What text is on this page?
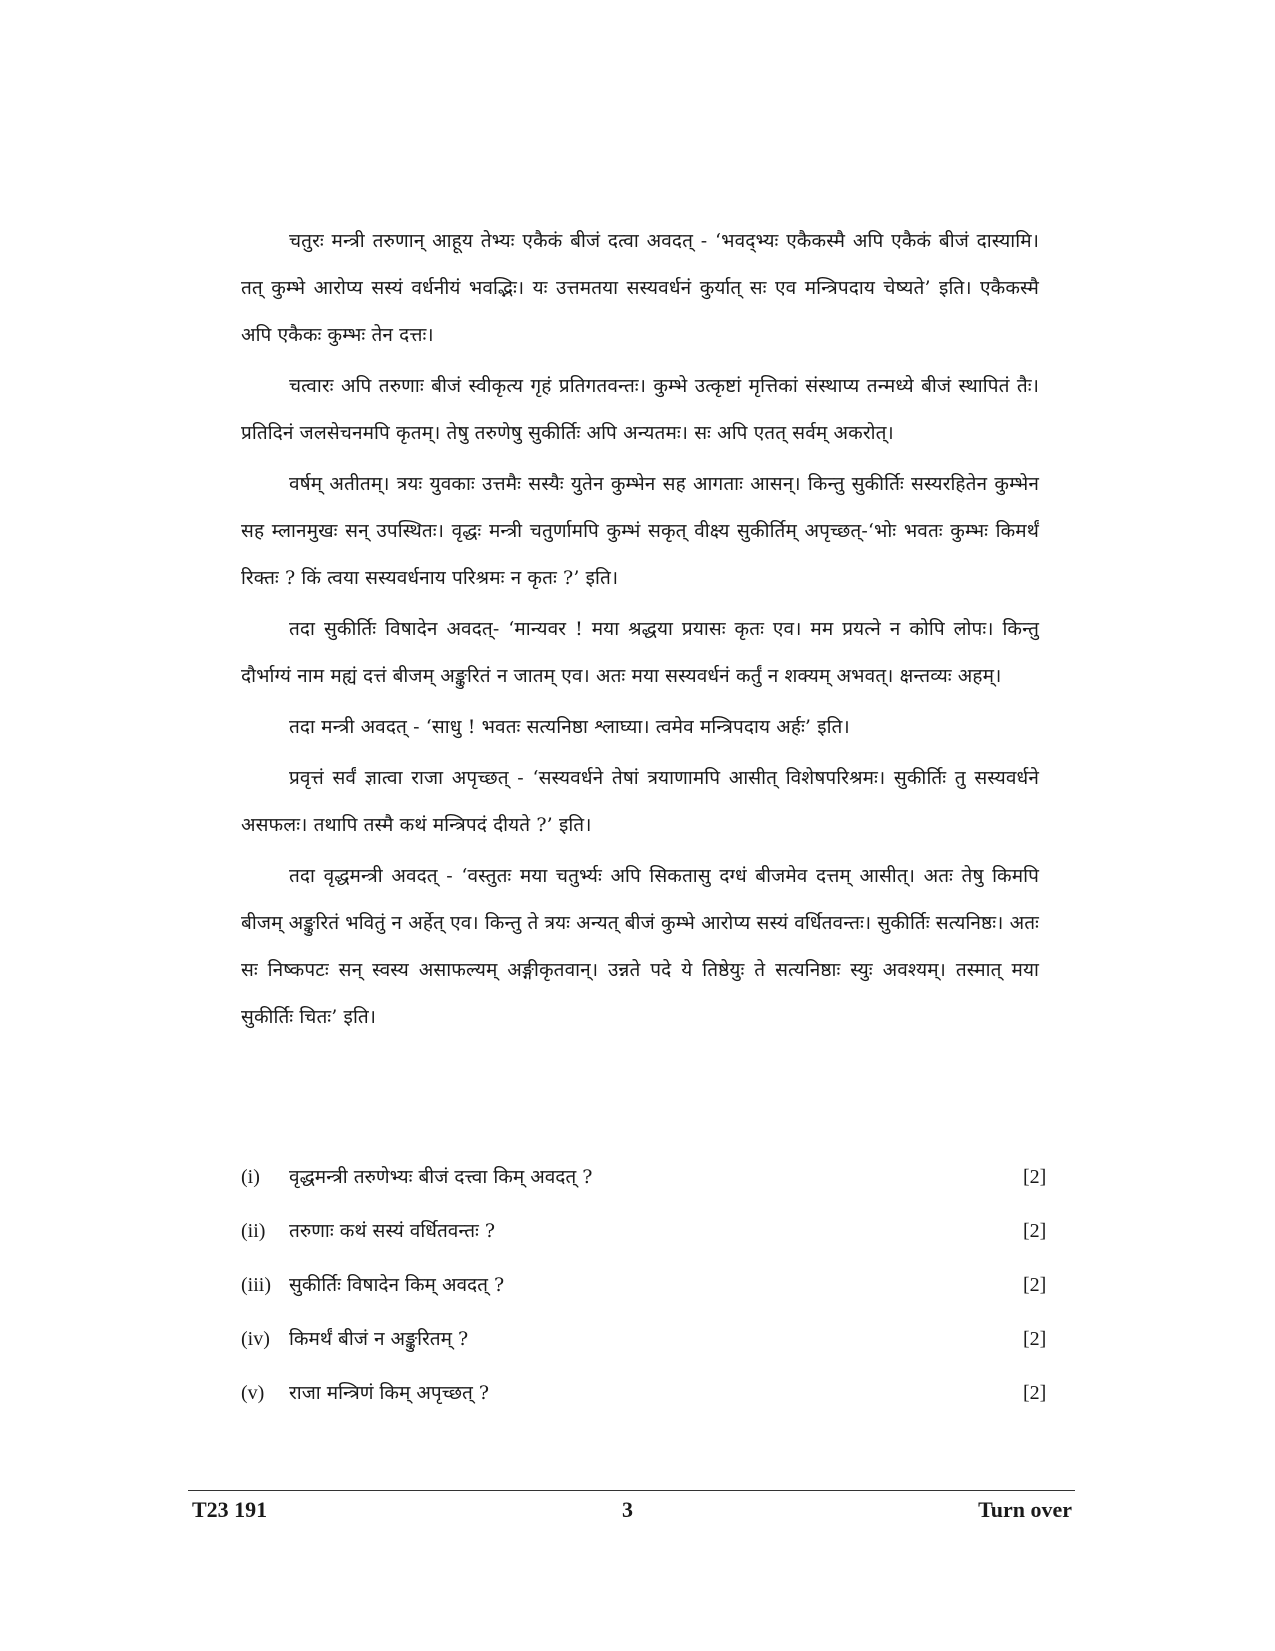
चतुरः मन्त्री तरुणान् आहूय तेभ्यः एकैकं बीजं दत्वा अवदत् - ‘भवद्भ्यः एकैकस्मै अपि एकैकं बीजं दास्यामि। तत् कुम्भे आरोप्य सस्यं वर्धनीयं भवद्भिः। यः उत्तमतया सस्यवर्धनं कुर्यात् सः एव मन्त्रिपदाय चेष्यते’ इति। एकैकस्मै अपि एकैकः कुम्भः तेन दत्तः।

चत्वारः अपि तरुणाः बीजं स्वीकृत्य गृहं प्रतिगतवन्तः। कुम्भे उत्कृष्टां मृत्तिकां संस्थाप्य तन्मध्ये बीजं स्थापितं तैः। प्रतिदिनं जलसेचनमपि कृतम्। तेषु तरुणेषु सुकीर्तिः अपि अन्यतमः। सः अपि एतत् सर्वम् अकरोत्।

वर्षम् अतीतम्। त्रयः युवकाः उत्तमैः सस्यैः युतेन कुम्भेन सह आगताः आसन्। किन्तु सुकीर्तिः सस्यरहितेन कुम्भेन सह म्लानमुखः सन् उपस्थितः। वृद्धः मन्त्री चतुर्णामपि कुम्भं सकृत् वीक्ष्य सुकीर्तिम् अपृच्छत्-‘भोः भवतः कुम्भः किमर्थं रिक्तः ? किं त्वया सस्यवर्धनाय परिश्रमः न कृतः ?’ इति।

तदा सुकीर्तिः विषादेन अवदत्- ‘मान्यवर ! मया श्रद्धया प्रयासः कृतः एव। मम प्रयत्ने न कोपि लोपः। किन्तु दौर्भाग्यं नाम मह्यं दत्तं बीजम् अङ्कुरितं न जातम् एव। अतः मया सस्यवर्धनं कर्तुं न शक्यम् अभवत्। क्षन्तव्यः अहम्।

तदा मन्त्री अवदत् - ‘साधु ! भवतः सत्यनिष्ठा श्लाघ्या। त्वमेव मन्त्रिपदाय अर्हः’ इति।

प्रवृत्तं सर्वं ज्ञात्वा राजा अपृच्छत् - ‘सस्यवर्धने तेषां त्रयाणामपि आसीत् विशेषपरिश्रमः। सुकीर्तिः तु सस्यवर्धने असफलः। तथापि तस्मै कथं मन्त्रिपदं दीयते ?’ इति।

तदा वृद्धमन्त्री अवदत् - ‘वस्तुतः मया चतुर्भ्यः अपि सिकतासु दग्धं बीजमेव दत्तम् आसीत्। अतः तेषु किमपि बीजम् अङ्कुरितं भवितुं न अर्हेत् एव। किन्तु ते त्रयः अन्यत् बीजं कुम्भे आरोप्य सस्यं वर्धितवन्तः। सुकीर्तिः सत्यनिष्ठः। अतः सः निष्कपटः सन् स्वस्य असाफल्यम् अङ्गीकृतवान्। उन्नते पदे ये तिष्ठेयुः ते सत्यनिष्ठाः स्युः अवश्यम्। तस्मात् मया सुकीर्तिः चितः’ इति।

(i)	वृद्धमन्त्री तरुणेभ्यः बीजं दत्त्वा किम् अवदत् ?	[2]
(ii)	तरुणाः कथं सस्यं वर्धितवन्तः ?	[2]
(iii) सुकीर्तिः विषादेन किम् अवदत् ?	[2]
(iv)	किमर्थं बीजं न अङ्कुरितम् ?	[2]
(v)	राजा मन्त्रिणं किम् अपृच्छत् ?	[2]
T23 191	3	Turn over
